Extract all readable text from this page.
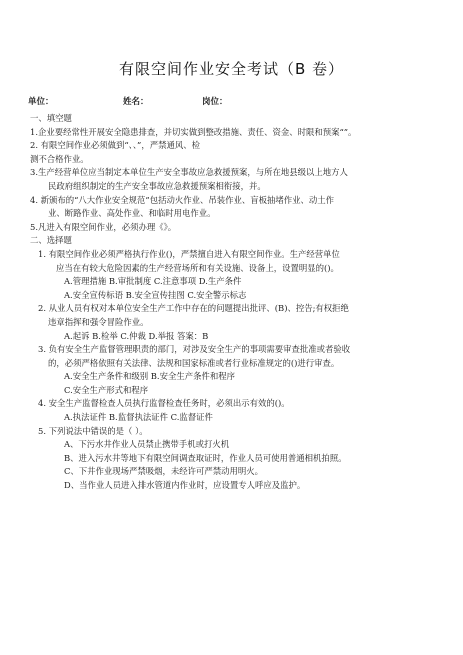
有限空间作业安全考试（B 卷）
单位：	姓名：	岗位：
一、填空题
1.企业要经常性开展安全隐患排查，并切实做到整改措施、责任、资金、时限和预案“”。
2. 有限空间作业必须做到“、、”，严禁通风、检
测不合格作业。
3.生产经营单位应当制定本单位生产安全事故应急救援预案，与所在地县级以上地方人
民政府组织制定的生产安全事故应急救援预案相衔接，并。
4. 新颁布的“八大作业安全规范”包括动火作业、吊装作业、盲板抽堵作业、动土作
业、断路作业、高处作业、和临时用电作业。
5.凡进入有限空间作业，必须办理《》。
二、选择题
1. 有限空间作业必须严格执行作业()，严禁擅自进入有限空间作业。生产经营单位
应当在有较大危险因素的生产经营场所和有关设施、设备上，设置明显的()。
A.管理措施 B.审批制度 C.注意事项 D.生产条件
A.安全宣传标语 B.安全宣传挂图 C.安全警示标志
2. 从业人员有权对本单位安全生产工作中存在的问题提出批评、(B)、控告;有权拒绝
违章指挥和强令冒险作业。
A.起诉 B.检举 C.仲裁 D.举报 答案：B
3. 负有安全生产监督管理职责的部门，对涉及安全生产的事项需要审查批准或者验收
的，必须严格依照有关法律、法规和国家标准或者行业标准规定的()进行审查。
A.安全生产条件和级别 B.安全生产条件和程序
C.安全生产形式和程序
4. 安全生产监督检查人员执行监督检查任务时，必须出示有效的()。
A.执法证件 B.监督执法证件 C.监督证件
5. 下列说法中错误的是（ ）。
A、下污水井作业人员禁止携带手机或打火机
B、进入污水井等地下有限空间调查取证时，作业人员可使用普通相机拍照。
C、下井作业现场严禁吸烟，未经许可严禁动用明火。
D、当作业人员进入排水管道内作业时，应设置专人呼应及监护。
